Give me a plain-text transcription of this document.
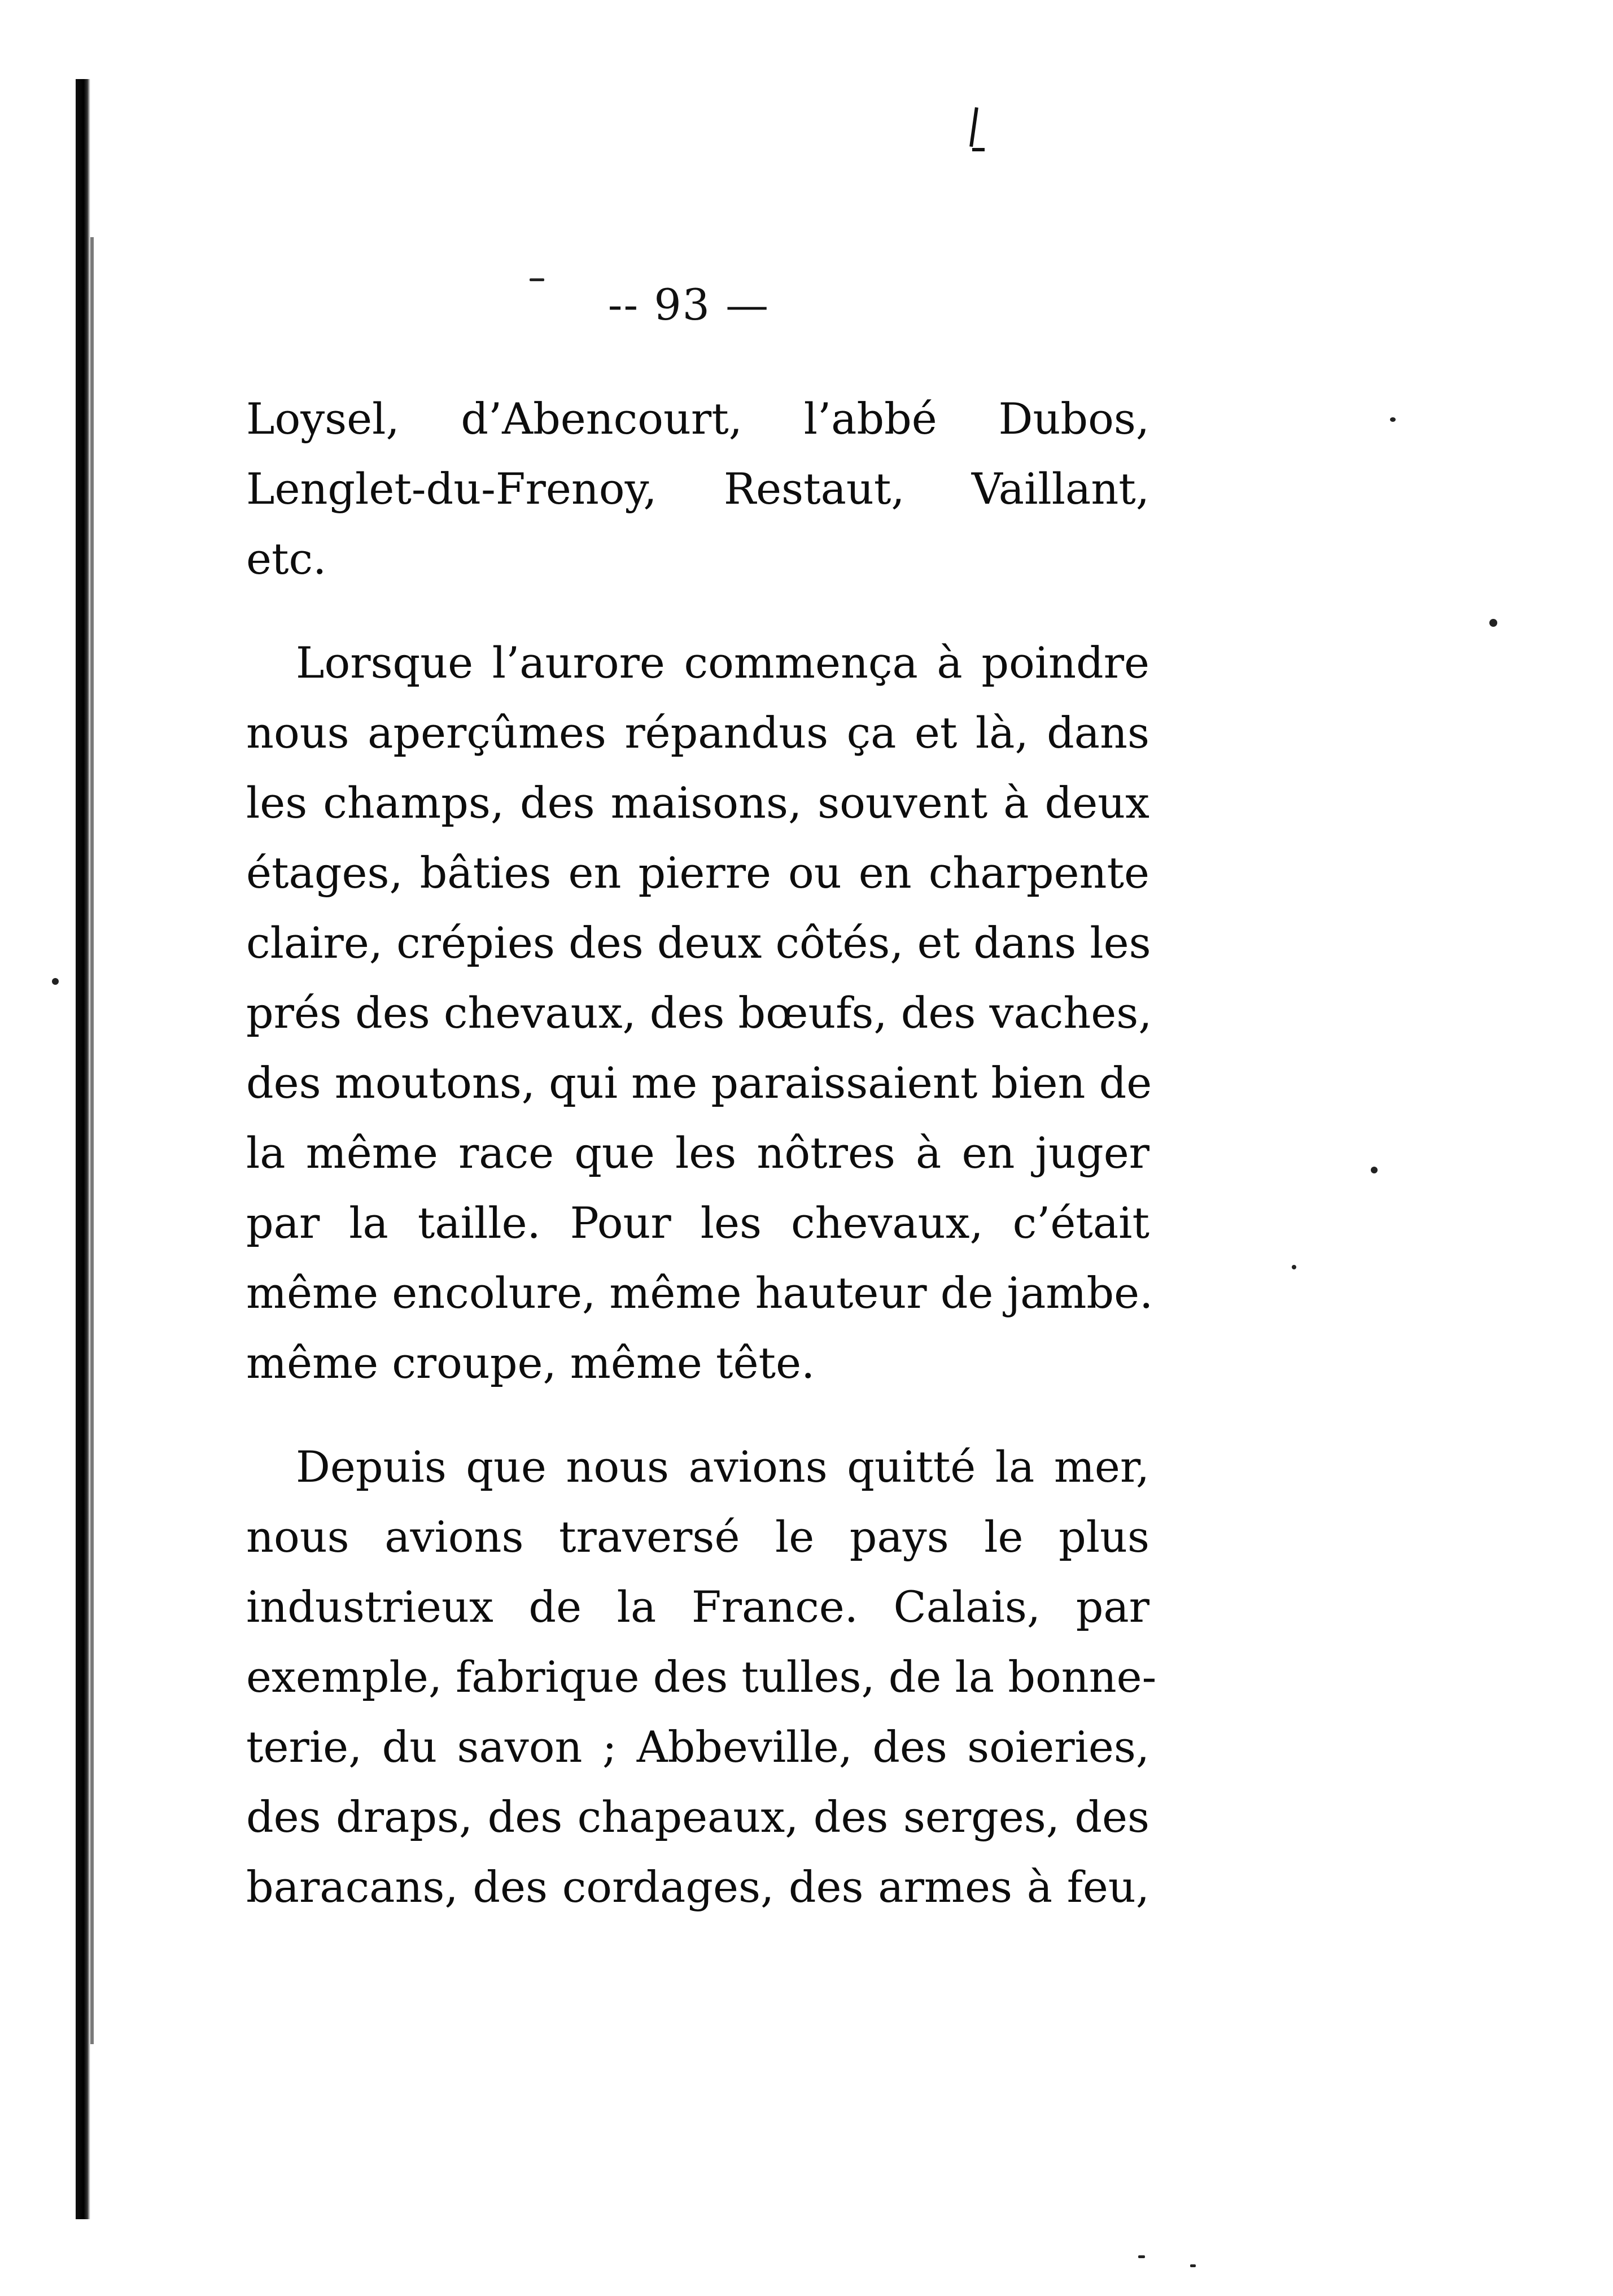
-- 93 —
Loysel, d’Abencourt, l’abbé Dubos,
Lenglet-du-Frenoy, Restaut, Vaillant,
etc.
Lorsque l’aurore commença à poindre
nous aperçûmes répandus ça et là, dans
les champs, des maisons, souvent à deux
étages, bâties en pierre ou en charpente
claire, crépies des deux côtés, et dans les
prés des chevaux, des bœufs, des vaches,
des moutons, qui me paraissaient bien de
la même race que les nôtres à en juger
par la taille. Pour les chevaux, c’était
même encolure, même hauteur de jambe.
même croupe, même tête.
Depuis que nous avions quitté la mer,
nous avions traversé le pays le plus
industrieux de la France. Calais, par
exemple, fabrique des tulles, de la bonne-
terie, du savon ; Abbeville, des soieries,
des draps, des chapeaux, des serges, des
baracans, des cordages, des armes à feu,
